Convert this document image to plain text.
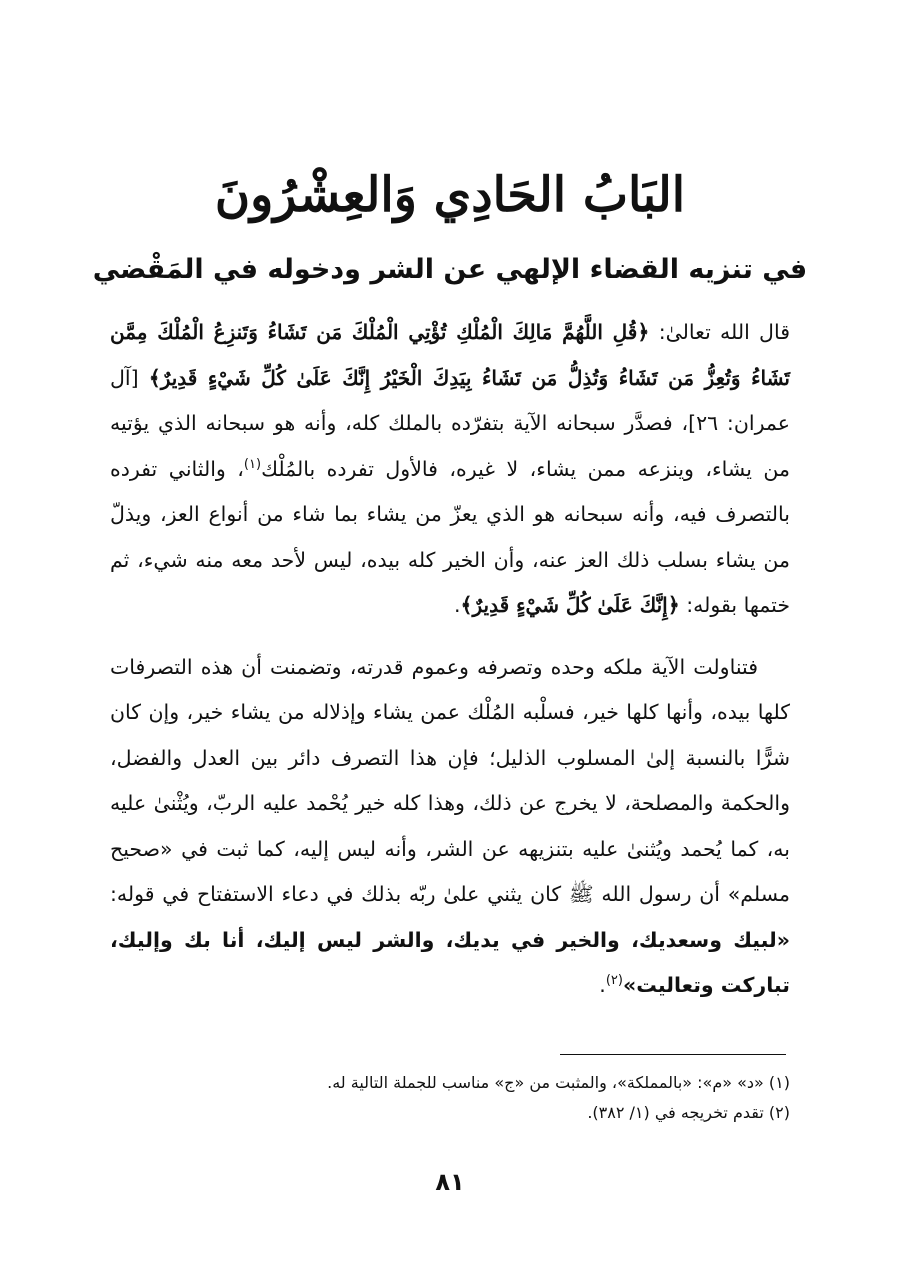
البَابُ الحَادِي وَالعِشْرُونَ
في تنزيه القضاء الإلهي عن الشر ودخوله في المَقْضي

قال الله تعالىٰ: ﴿قُلِ اللَّهُمَّ مَالِكَ الْمُلْكِ تُؤْتِي الْمُلْكَ مَن تَشَاءُ وَتَنزِعُ الْمُلْكَ مِمَّن تَشَاءُ وَتُعِزُّ مَن تَشَاءُ وَتُذِلُّ مَن تَشَاءُ بِيَدِكَ الْخَيْرُ إِنَّكَ عَلَىٰ كُلِّ شَيْءٍ قَدِيرٌ﴾ [آل عمران: ٢٦]، فصدَّر سبحانه الآية بتفرّده بالملك كله، وأنه هو سبحانه الذي يؤتيه من يشاء، وينزعه ممن يشاء، لا غيره، فالأول تفرده بالمُلْك$^{(١)}$، والثاني تفرده بالتصرف فيه، وأنه سبحانه هو الذي يعزّ من يشاء بما شاء من أنواع العز، ويذلّ من يشاء بسلب ذلك العز عنه، وأن الخير كله بيده، ليس لأحد معه منه شيء، ثم ختمها بقوله: ﴿إِنَّكَ عَلَىٰ كُلِّ شَيْءٍ قَدِيرٌ﴾.

فتناولت الآية ملكه وحده وتصرفه وعموم قدرته، وتضمنت أن هذه التصرفات كلها بيده، وأنها كلها خير، فسلْبه المُلْك عمن يشاء وإذلاله من يشاء خير، وإن كان شرًّا بالنسبة إلىٰ المسلوب الذليل؛ فإن هذا التصرف دائر بين العدل والفضل، والحكمة والمصلحة، لا يخرج عن ذلك، وهذا كله خير يُحْمد عليه الربّ، ويُثْنىٰ عليه به، كما يُحمد ويُثنىٰ عليه بتنزيهه عن الشر، وأنه ليس إليه، كما ثبت في «صحيح مسلم» أن رسول الله ﷺ كان يثني علىٰ ربّه بذلك في دعاء الاستفتاح في قوله: «لبيك وسعديك، والخير في يديك، والشر ليس إليك، أنا بك وإليك، تباركت وتعاليت»$^{(٢)}$.

(١) «د» «م»: «بالمملكة»، والمثبت من «ج» مناسب للجملة التالية له.

(٢) تقدم تخريجه في (١/ ٣٨٢).

٨١
